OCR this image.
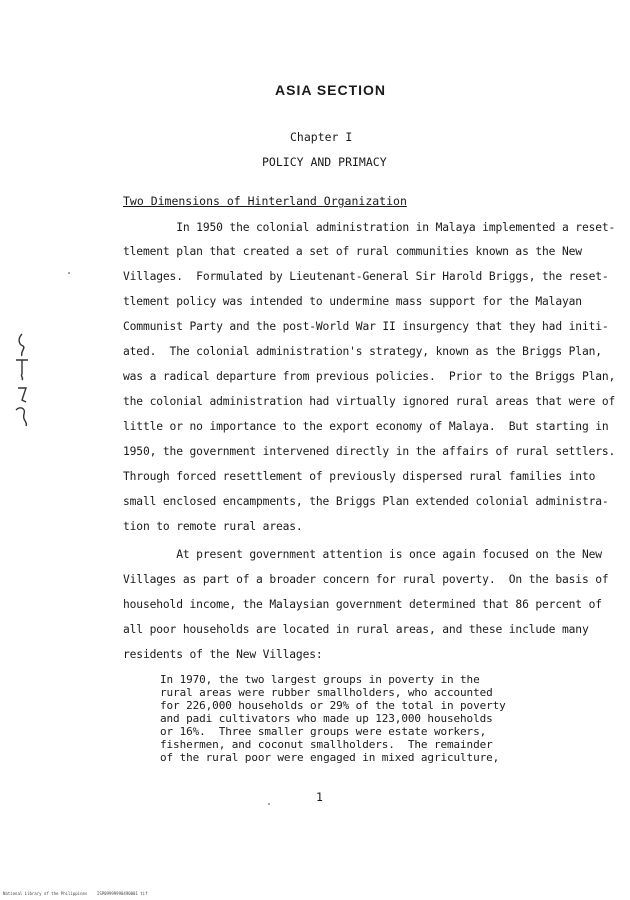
ASIA SECTION
Chapter I
POLICY AND PRIMACY
Two Dimensions of Hinterland Organization
In 1950 the colonial administration in Malaya implemented a reset-
tlement plan that created a set of rural communities known as the New
Villages.  Formulated by Lieutenant-General Sir Harold Briggs, the reset-
tlement policy was intended to undermine mass support for the Malayan
Communist Party and the post-World War II insurgency that they had initi-
ated.  The colonial administration's strategy, known as the Briggs Plan,
was a radical departure from previous policies.  Prior to the Briggs Plan,
the colonial administration had virtually ignored rural areas that were of
little or no importance to the export economy of Malaya.  But starting in
1950, the government intervened directly in the affairs of rural settlers.
Through forced resettlement of previously dispersed rural families into
small enclosed encampments, the Briggs Plan extended colonial administra-
tion to remote rural areas.
At present government attention is once again focused on the New
Villages as part of a broader concern for rural poverty.  On the basis of
household income, the Malaysian government determined that 86 percent of
all poor households are located in rural areas, and these include many
residents of the New Villages:
In 1970, the two largest groups in poverty in the
rural areas were rubber smallholders, who accounted
for 226,000 households or 29% of the total in poverty
and padi cultivators who made up 123,000 households
or 16%.  Three smaller groups were estate workers,
fishermen, and coconut smallholders.  The remainder
of the rural poor were engaged in mixed agriculture,
1
National Library of the Philippines    ISP09999990490001 tif
